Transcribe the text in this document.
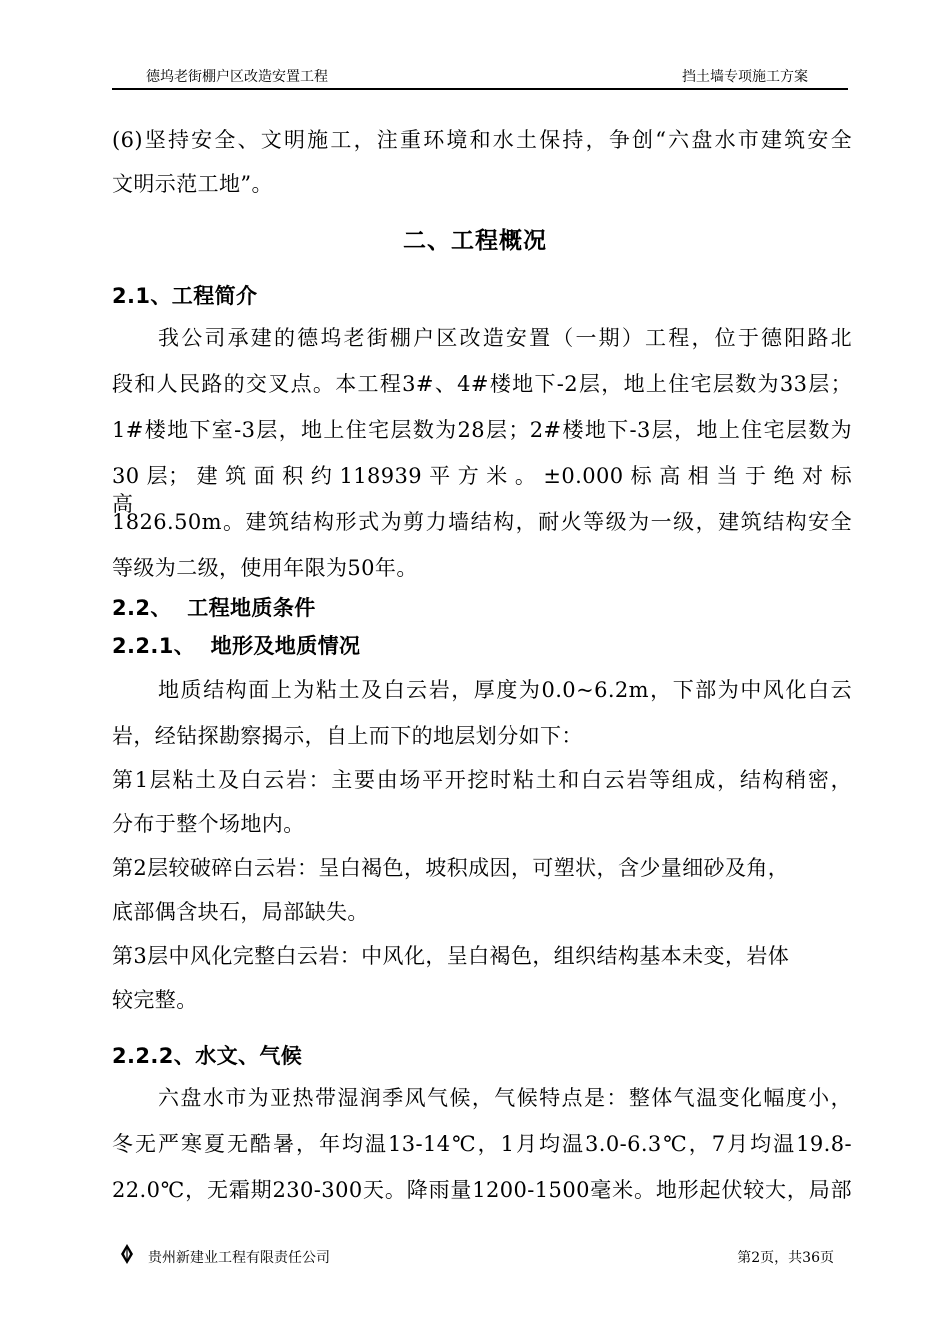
德坞老街棚户区改造安置工程	挡土墙专项施工方案
(6)坚持安全、文明施工，注重环境和水土保持，争创“六盘水市建筑安全
文明示范工地”。
二、工程概况
2.1、工程简介
我公司承建的德坞老街棚户区改造安置（一期）工程，位于德阳路北
段和人民路的交叉点。本工程3#、4#楼地下-2层，地上住宅层数为33层；
1#楼地下室-3层，地上住宅层数为28层；2#楼地下-3层，地上住宅层数为
30 层； 建 筑 面 积 约 118939 平 方 米 。 ±0.000 标 高 相 当 于 绝 对 标 高
1826.50m。建筑结构形式为剪力墙结构，耐火等级为一级，建筑结构安全
等级为二级，使用年限为50年。
2.2、  工程地质条件
2.2.1、  地形及地质情况
地质结构面上为粘土及白云岩，厚度为0.0~6.2m，下部为中风化白云
岩，经钻探勘察揭示，自上而下的地层划分如下：
第1层粘土及白云岩：主要由场平开挖时粘土和白云岩等组成，结构稍密，
分布于整个场地内。
第2层较破碎白云岩：呈白褐色，坡积成因，可塑状，含少量细砂及角，
底部偶含块石，局部缺失。
第3层中风化完整白云岩：中风化，呈白褐色，组织结构基本未变，岩体
较完整。
2.2.2、水文、气候
六盘水市为亚热带湿润季风气候，气候特点是：整体气温变化幅度小，
冬无严寒夏无酷暑，年均温13-14℃，1月均温3.0-6.3℃，7月均温19.8-
22.0℃，无霜期230-300天。降雨量1200-1500毫米。地形起伏较大，局部
贵州新建业工程有限责任公司	第2页，共36页
